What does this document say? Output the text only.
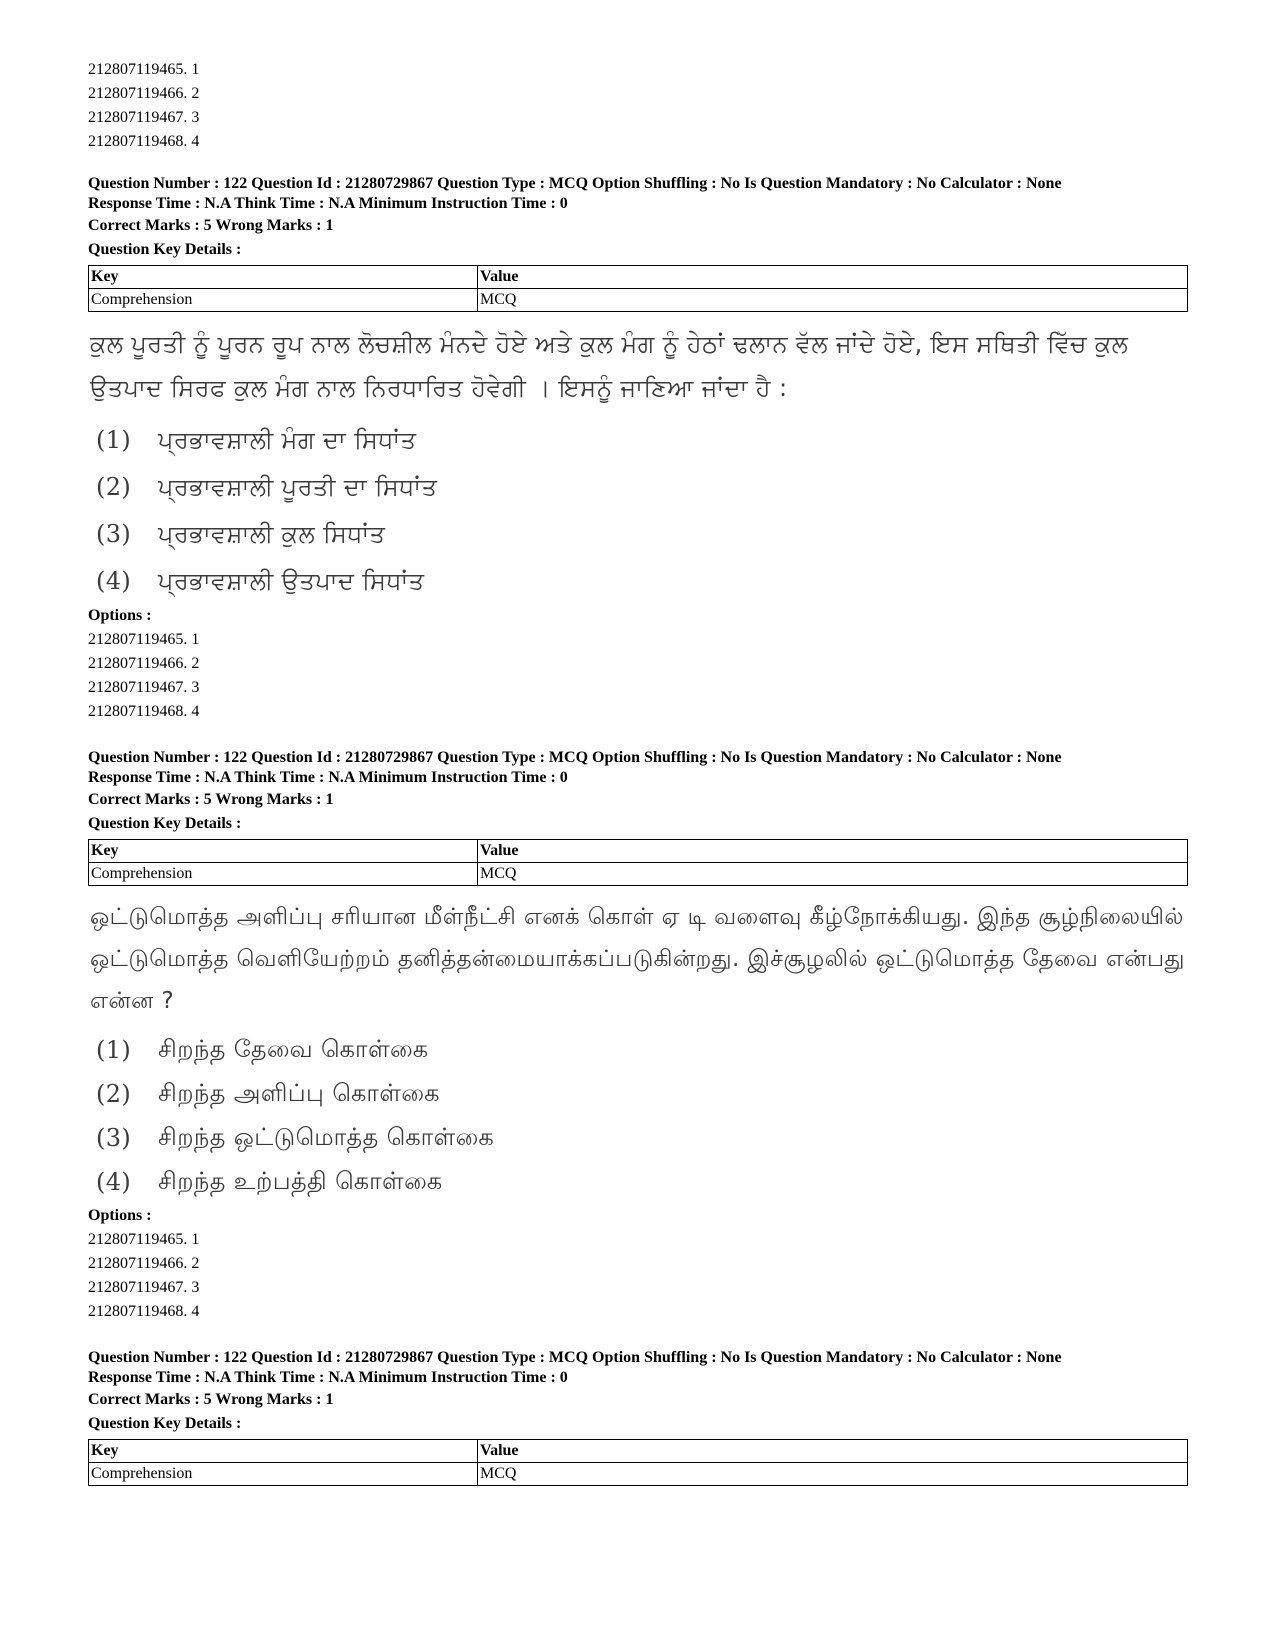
212807119465. 1

212807119466. 2

212807119467. 3

212807119468. 4

Question Number : 122 Question Id : 21280729867 Question Type : MCQ Option Shuffling : No Is Question Mandatory : No Calculator : None

Response Time : N.A Think Time : N.A Minimum Instruction Time : 0

Correct Marks : 5 Wrong Marks : 1

Question Key Details :

Key	Value
Comprehension	MCQ

ਕੁਲ ਪੂਰਤੀ ਨੂੰ ਪੂਰਨ ਰੂਪ ਨਾਲ ਲੋਚਸ਼ੀਲ ਮੰਨਦੇ ਹੋਏ ਅਤੇ ਕੁਲ ਮੰਗ ਨੂੰ ਹੇਠਾਂ ਢਲਾਨ ਵੱਲ ਜਾਂਦੇ ਹੋਏ, ਇਸ ਸਥਿਤੀ ਵਿੱਚ ਕੁਲ ਉਤਪਾਦ ਸਿਰਫ ਕੁਲ ਮੰਗ ਨਾਲ ਨਿਰਧਾਰਿਤ ਹੋਵੇਗੀ । ਇਸਨੂੰ ਜਾਣਿਆ ਜਾਂਦਾ ਹੈ :

(1)	ਪ੍ਰਭਾਵਸ਼ਾਲੀ ਮੰਗ ਦਾ ਸਿਧਾਂਤ
(2)	ਪ੍ਰਭਾਵਸ਼ਾਲੀ ਪੂਰਤੀ ਦਾ ਸਿਧਾਂਤ
(3)	ਪ੍ਰਭਾਵਸ਼ਾਲੀ ਕੁਲ ਸਿਧਾਂਤ
(4)	ਪ੍ਰਭਾਵਸ਼ਾਲੀ ਉਤਪਾਦ ਸਿਧਾਂਤ

Options :

212807119465. 1

212807119466. 2

212807119467. 3

212807119468. 4

Question Number : 122 Question Id : 21280729867 Question Type : MCQ Option Shuffling : No Is Question Mandatory : No Calculator : None

Response Time : N.A Think Time : N.A Minimum Instruction Time : 0

Correct Marks : 5 Wrong Marks : 1

Question Key Details :

Key	Value
Comprehension	MCQ

ஒட்டுமொத்த அளிப்பு சரியான மீள்நீட்சி எனக் கொள் ஏ டி வளைவு கீழ்நோக்கியது. இந்த சூழ்நிலையில் ஒட்டுமொத்த வெளியேற்றம் தனித்தன்மையாக்கப்படுகின்றது. இச்சூழலில் ஒட்டுமொத்த தேவை என்பது என்ன ?

(1)	சிறந்த தேவை கொள்கை
(2)	சிறந்த அளிப்பு கொள்கை
(3)	சிறந்த ஒட்டுமொத்த கொள்கை
(4)	சிறந்த உற்பத்தி கொள்கை

Options :

212807119465. 1

212807119466. 2

212807119467. 3

212807119468. 4

Question Number : 122 Question Id : 21280729867 Question Type : MCQ Option Shuffling : No Is Question Mandatory : No Calculator : None

Response Time : N.A Think Time : N.A Minimum Instruction Time : 0

Correct Marks : 5 Wrong Marks : 1

Question Key Details :

Key	Value
Comprehension	MCQ
